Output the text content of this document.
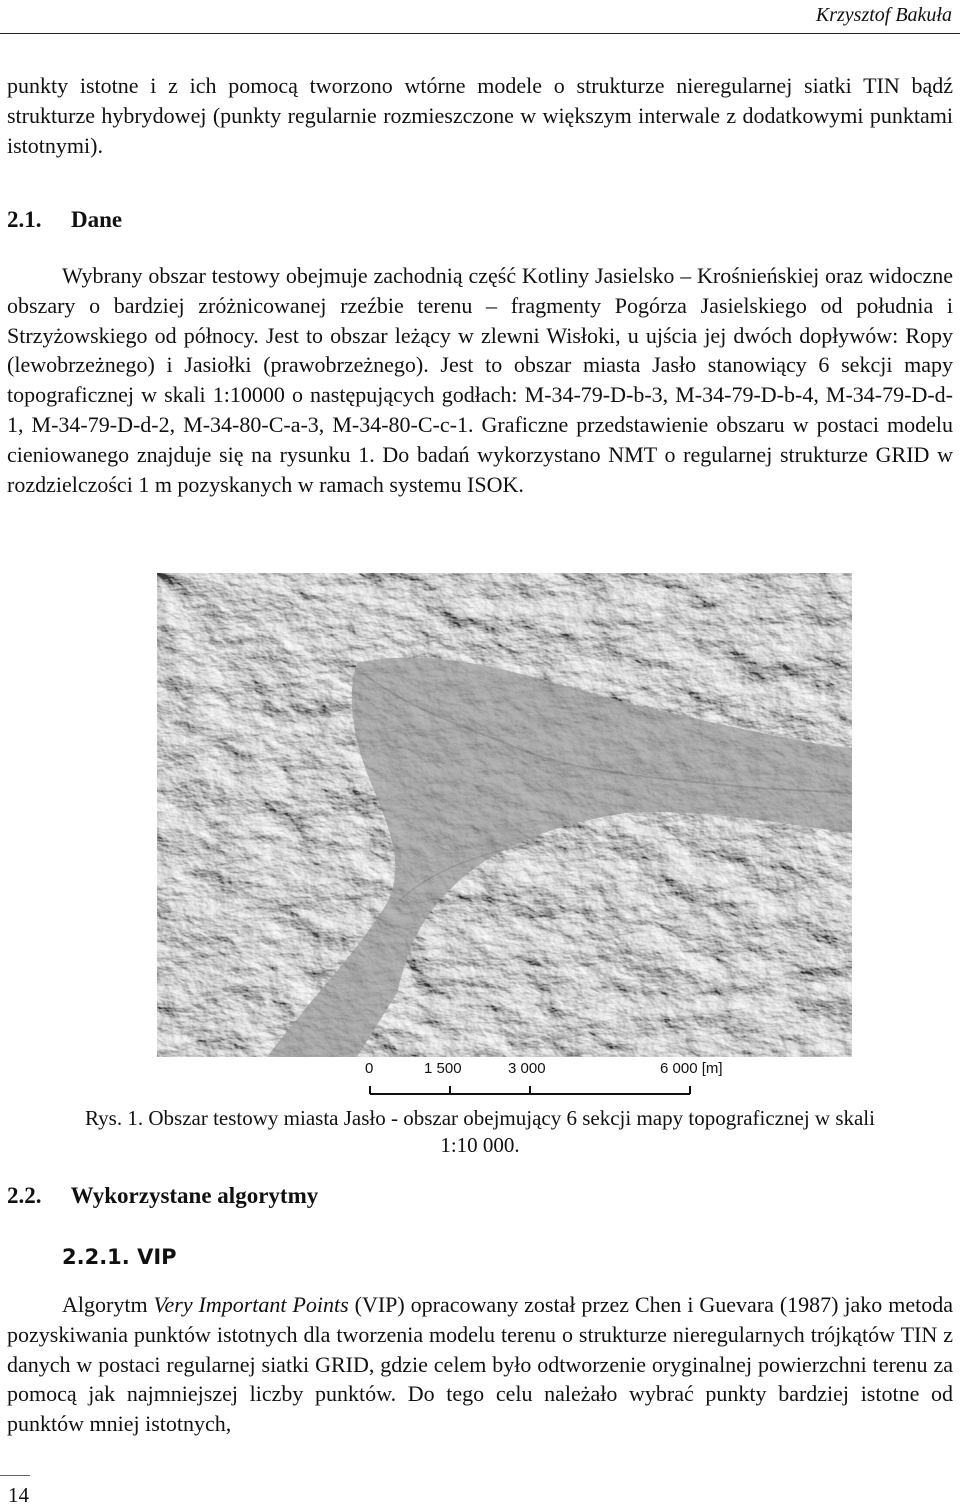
Krzysztof Bakuła

punkty istotne i z ich pomocą tworzono wtórne modele o strukturze nieregularnej siatki TIN bądź strukturze hybrydowej (punkty regularnie rozmieszczone w większym interwale z dodatkowymi punktami istotnymi).

2.1. Dane

Wybrany obszar testowy obejmuje zachodnią część Kotliny Jasielsko – Krośnieńskiej oraz widoczne obszary o bardziej zróżnicowanej rzeźbie terenu – fragmenty Pogórza Jasielskiego od południa i Strzyżowskiego od północy. Jest to obszar leżący w zlewni Wisłoki, u ujścia jej dwóch dopływów: Ropy (lewobrzeżnego) i Jasiołki (prawobrzeżnego). Jest to obszar miasta Jasło stanowiący 6 sekcji mapy topograficznej w skali 1:10000 o następujących godłach: M-34-79-D-b-3, M-34-79-D-b-4, M-34-79-D-d-1, M-34-79-D-d-2, M-34-80-C-a-3, M-34-80-C-c-1. Graficzne przedstawienie obszaru w postaci modelu cieniowanego znajduje się na rysunku 1. Do badań wykorzystano NMT o regularnej strukturze GRID w rozdzielczości 1 m pozyskanych w ramach systemu ISOK.

0	1 500	3 000	6 000 [m]
Rys. 1. Obszar testowy miasta Jasło - obszar obejmujący 6 sekcji mapy topograficznej w skali
1:10 000.
2.2. Wykorzystane algorytmy
2.2.1. VIP

Algorytm Very Important Points (VIP) opracowany został przez Chen i Guevara (1987) jako metoda pozyskiwania punktów istotnych dla tworzenia modelu terenu o strukturze nieregularnych trójkątów TIN z danych w postaci regularnej siatki GRID, gdzie celem było odtworzenie oryginalnej powierzchni terenu za pomocą jak najmniejszej liczby punktów. Do tego celu należało wybrać punkty bardziej istotne od punktów mniej istotnych,

14
